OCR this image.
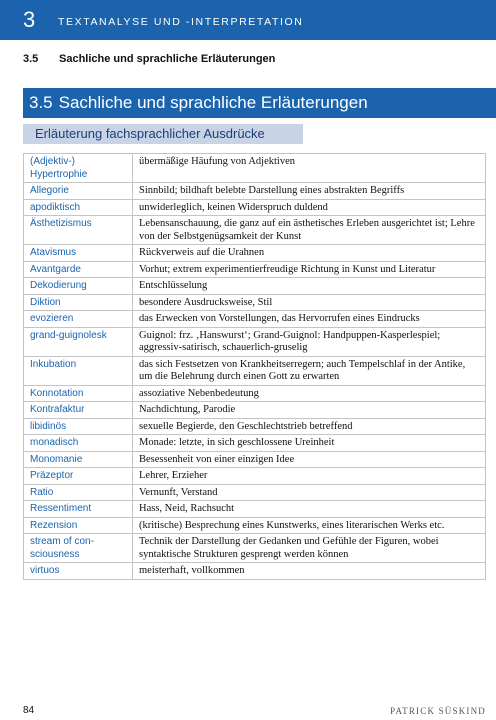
3 TEXTANALYSE UND -INTERPRETATION
3.5 Sachliche und sprachliche Erläuterungen
3.5 Sachliche und sprachliche Erläuterungen
Erläuterung fachsprachlicher Ausdrücke
(Adjektiv-) Hypertrophie	übermäßige Häufung von Adjektiven
Allegorie	Sinnbild; bildhaft belebte Darstellung eines abstrakten Begriffs
apodiktisch	unwiderleglich, keinen Widerspruch duldend
Ästhetizismus	Lebensanschauung, die ganz auf ein ästhetisches Erleben ausgerichtet ist; Lehre von der Selbstgenügsamkeit der Kunst
Atavismus	Rückverweis auf die Urahnen
Avantgarde	Vorhut; extrem experimentierfreudige Richtung in Kunst und Literatur
Dekodierung	Entschlüsselung
Diktion	besondere Ausdrucksweise, Stil
evozieren	das Erwecken von Vorstellungen, das Hervorrufen eines Eindrucks
grand-guignolesk	Guignol: frz. ‚Hanswurst‘; Grand-Guignol: Handpuppen-Kasperlespiel; aggressiv-satirisch, schauerlich-gruselig
Inkubation	das sich Festsetzen von Krankheitserregern; auch Tempelschlaf in der Antike, um die Belehrung durch einen Gott zu erwarten
Konnotation	assoziative Nebenbedeutung
Kontrafaktur	Nachdichtung, Parodie
libidinös	sexuelle Begierde, den Geschlechtstrieb betreffend
monadisch	Monade: letzte, in sich geschlossene Ureinheit
Monomanie	Besessenheit von einer einzigen Idee
Präzeptor	Lehrer, Erzieher
Ratio	Vernunft, Verstand
Ressentiment	Hass, Neid, Rachsucht
Rezension	(kritische) Besprechung eines Kunstwerks, eines literarischen Werks etc.
stream of con-sciousness	Technik der Darstellung der Gedanken und Gefühle der Figuren, wobei syntaktische Strukturen gesprengt werden können
virtuos	meisterhaft, vollkommen
84	PATRICK SÜSKIND
